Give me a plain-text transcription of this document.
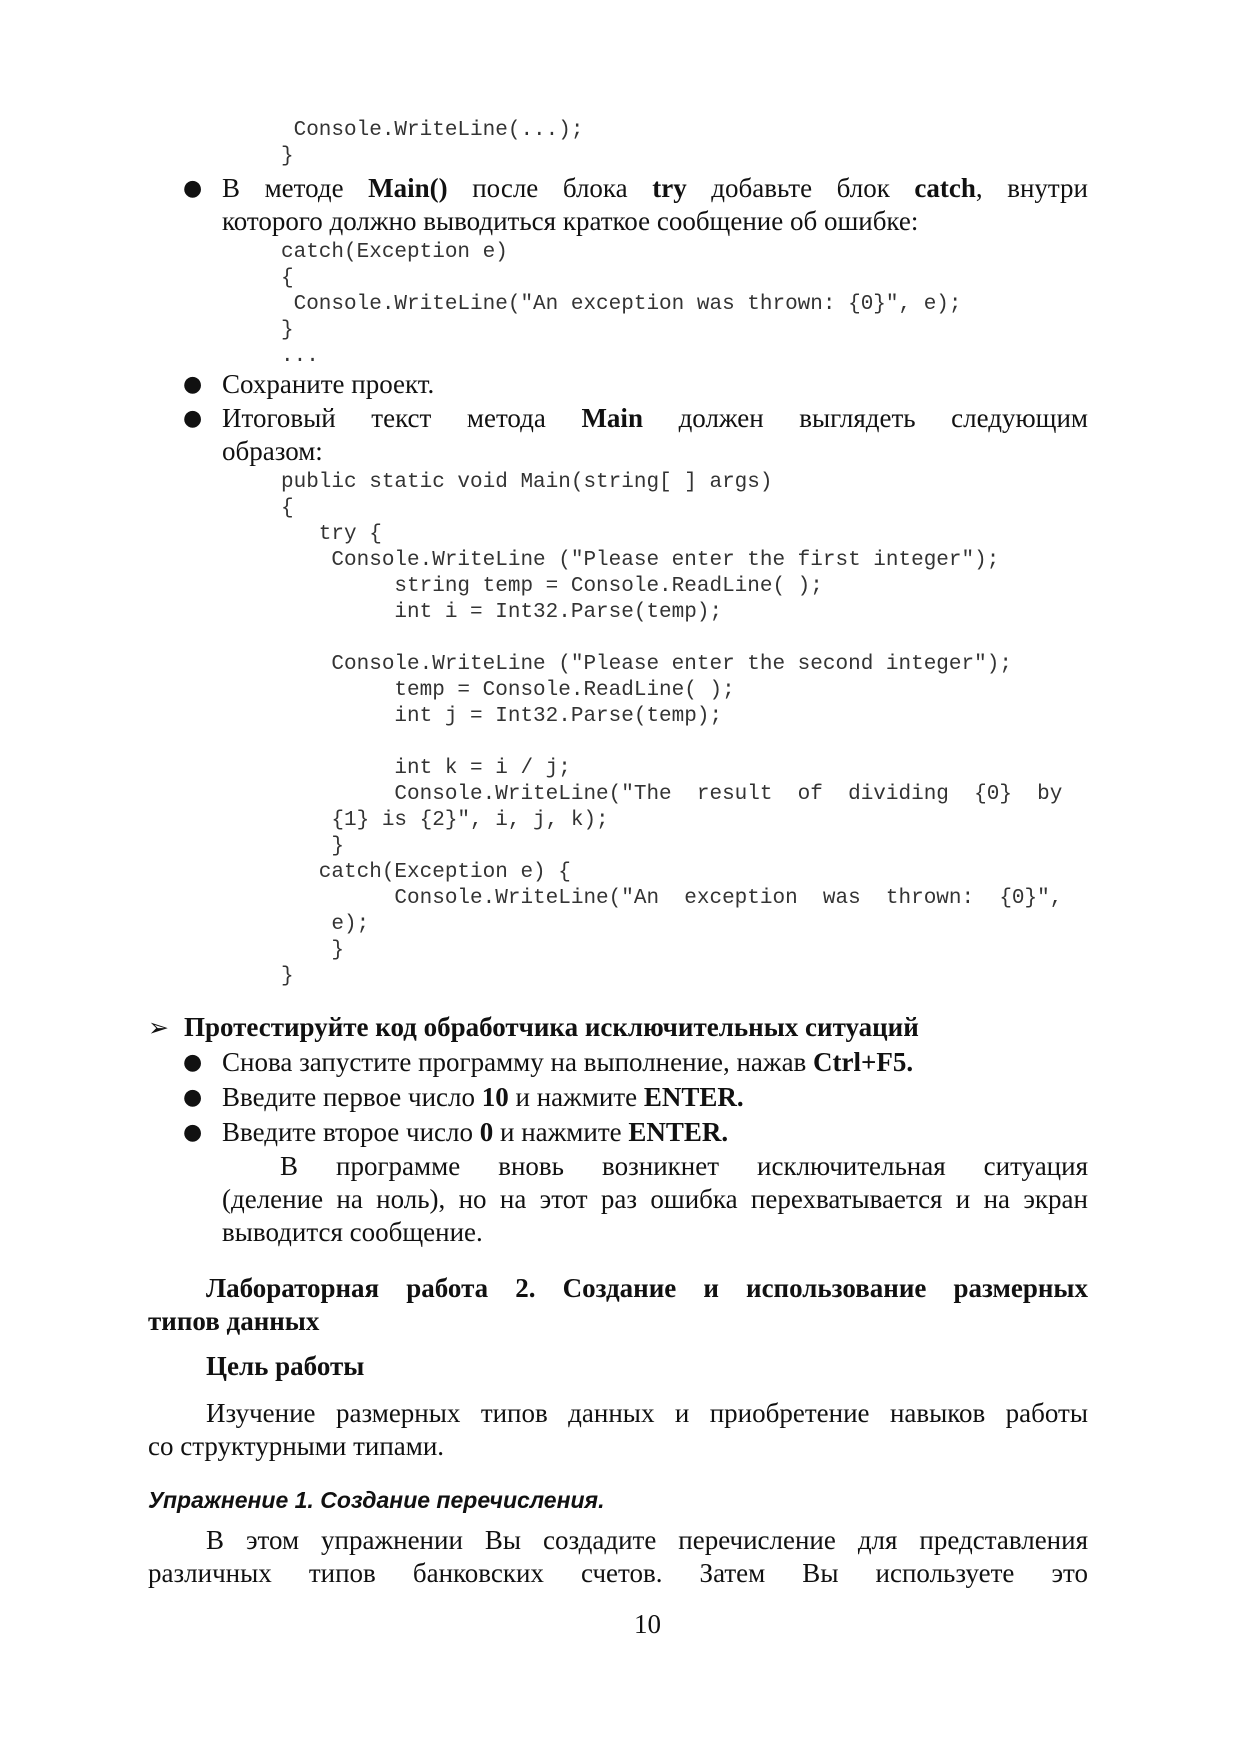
Console.WriteLine(...);
}
● В методе Main() после блока try добавьте блок catch, внутри
которого должно выводиться краткое сообщение об ошибке:
catch(Exception e)
{
Console.WriteLine("An exception was thrown: {0}", e);
}
...
● Сохраните проект.
● Итоговый текст метода Main должен выглядеть следующим
образом:
public static void Main(string[ ] args)
{
try {
Console.WriteLine ("Please enter the first integer");
string temp = Console.ReadLine( );
int i = Int32.Parse(temp);
Console.WriteLine ("Please enter the second integer");
temp = Console.ReadLine( );
int j = Int32.Parse(temp);
int k = i / j;
Console.WriteLine("The  result  of  dividing  {0}  by
{1} is {2}", i, j, k);
}
catch(Exception e) {
Console.WriteLine("An  exception  was  thrown:  {0}",
e);
}
}
➢ Протестируйте код обработчика исключительных ситуаций
● Снова запустите программу на выполнение, нажав Ctrl+F5.
● Введите первое число 10 и нажмите ENTER.
● Введите второе число 0 и нажмите ENTER.
В программе вновь возникнет исключительная ситуация
(деление на ноль), но на этот раз ошибка перехватывается и на экран
выводится сообщение.
Лабораторная работа 2. Создание и использование размерных
типов данных
Цель работы
Изучение размерных типов данных и приобретение навыков работы
со структурными типами.
Упражнение 1. Создание перечисления.
В этом упражнении Вы создадите перечисление для представления
различных типов банковских счетов. Затем Вы используете это
10
